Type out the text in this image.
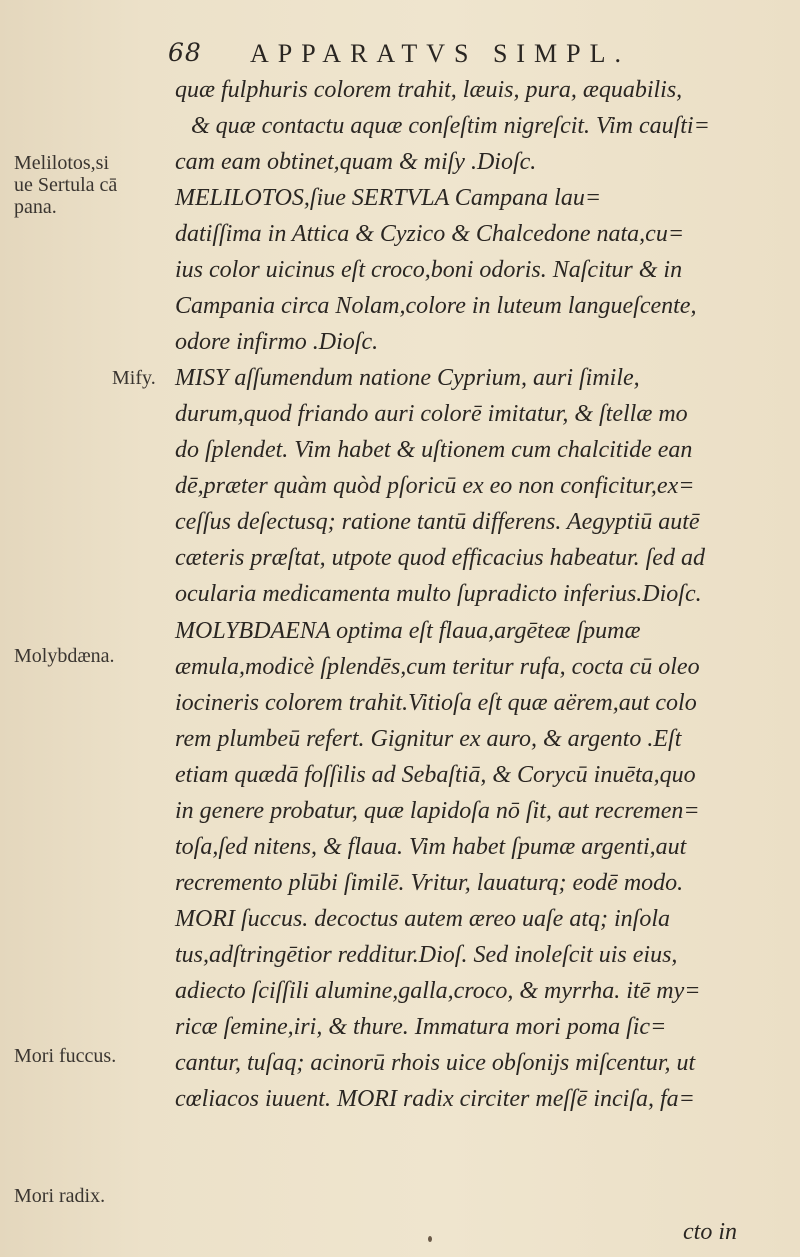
68 APPARATVS SIMPL.
Melilotos,si
ue Sertula cā
pana.
Mify.
Molybdæna.
Mori fuccus.
Mori radix.
quæ fulphuris colorem trahit, læuis, pura, æquabilis,
& quæ contactu aquæ conſeſtim nigreſcit. Vim cauſti=
cam eam obtinet,quam & miſy .Dioſc.
MELILOTOS,ſiue SERTVLA Campana lau=
datiſſima in Attica & Cyzico & Chalcedone nata,cu=
ius color uicinus eſt croco,boni odoris. Naſcitur & in
Campania circa Nolam,colore in luteum langueſcente,
odore infirmo .Dioſc.
MISY aſſumendum natione Cyprium, auri ſimile,
durum,quod friando auri colorē imitatur, & ſtellæ mo
do ſplendet. Vim habet & uſtionem cum chalcitide ean
dē,præter quàm quòd pſoricū ex eo non conficitur,ex=
ceſſus deſectusq; ratione tantū differens. Aegyptiū autē
cæteris præſtat, utpote quod efficacius habeatur. ſed ad
ocularia medicamenta multo ſupradicto inferius.Dioſc.
MOLYBDAENA optima eſt flaua,argēteæ ſpumæ
æmula,modicè ſplendēs,cum teritur rufa, cocta cū oleo
iocineris colorem trahit.Vitioſa eſt quæ aërem,aut colo
rem plumbeū refert. Gignitur ex auro, & argento .Eſt
etiam quædā foſſilis ad Sebaſtiā, & Corycū inuēta,quo
in genere probatur, quæ lapidoſa nō ſit, aut recremen=
toſa,ſed nitens, & flaua. Vim habet ſpumæ argenti,aut
recremento plūbi ſimilē. Vritur, lauaturq; eodē modo.
MORI ſuccus. decoctus autem æreo uaſe atq; inſola
tus,adſtringētior redditur.Dioſ. Sed inoleſcit uis eius,
adiecto ſciſſili alumine,galla,croco, & myrrha. itē my=
ricæ ſemine,iri, & thure. Immatura mori poma ſic=
cantur, tuſaq; acinorū rhois uice obſonijs miſcentur, ut
cœliacos iuuent. MORI radix circiter meſſē inciſa, fa=
cto in
